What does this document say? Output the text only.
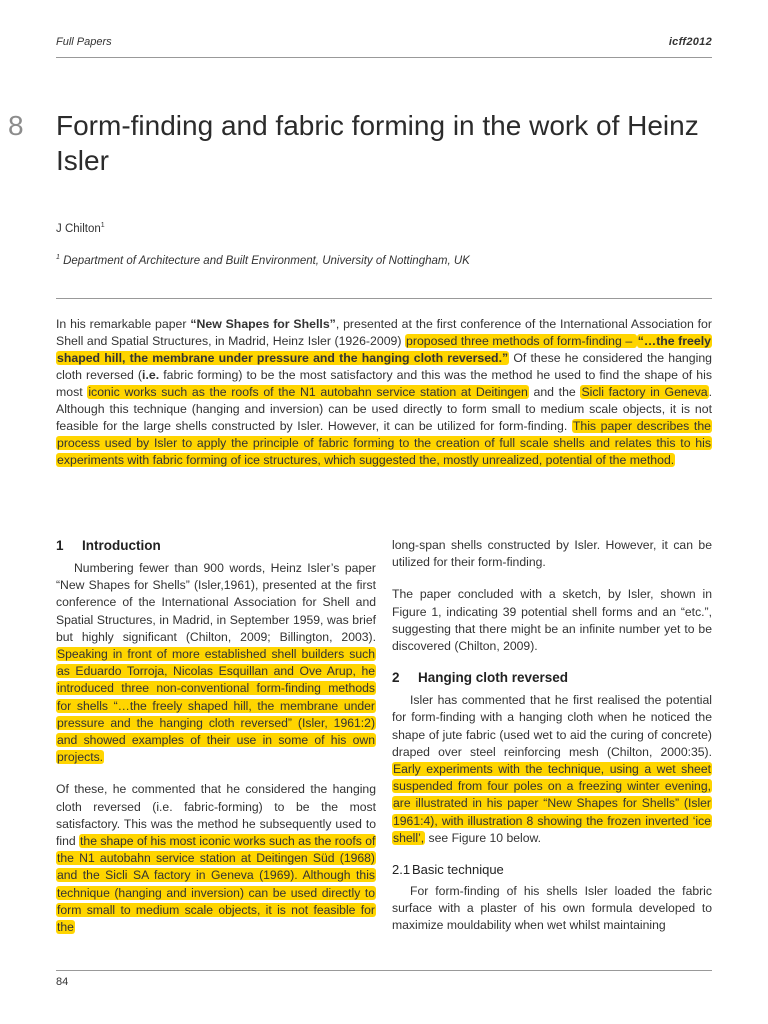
Full Papers	icff2012
8 Form-finding and fabric forming in the work of Heinz Isler
J Chilton$^1$
$^1$ Department of Architecture and Built Environment, University of Nottingham, UK

In his remarkable paper “New Shapes for Shells”, presented at the first conference of the International Association for Shell and Spatial Structures, in Madrid, Heinz Isler (1926-2009) proposed three methods of form-finding – “…the freely shaped hill, the membrane under pressure and the hanging cloth reversed.” Of these he considered the hanging cloth reversed (i.e. fabric forming) to be the most satisfactory and this was the method he used to find the shape of his most iconic works such as the roofs of the N1 autobahn service station at Deitingen and the Sicli factory in Geneva. Although this technique (hanging and inversion) can be used directly to form small to medium scale objects, it is not feasible for the large shells constructed by Isler. However, it can be utilized for form-finding. This paper describes the process used by Isler to apply the principle of fabric forming to the creation of full scale shells and relates this to his experiments with fabric forming of ice structures, which suggested the, mostly unrealized, potential of the method.

1 Introduction

Numbering fewer than 900 words, Heinz Isler’s paper “New Shapes for Shells” (Isler,1961), presented at the first conference of the International Association for Shell and Spatial Structures, in Madrid, in September 1959, was brief but highly significant (Chilton, 2009; Billington, 2003). Speaking in front of more established shell builders such as Eduardo Torroja, Nicolas Esquillan and Ove Arup, he introduced three non-conventional form-finding methods for shells “…the freely shaped hill, the membrane under pressure and the hanging cloth reversed” (Isler, 1961:2) and showed examples of their use in some of his own projects.

Of these, he commented that he considered the hanging cloth reversed (i.e. fabric-forming) to be the most satisfactory. This was the method he subsequently used to find the shape of his most iconic works such as the roofs of the N1 autobahn service station at Deitingen Süd (1968) and the Sicli SA factory in Geneva (1969). Although this technique (hanging and inversion) can be used directly to form small to medium scale objects, it is not feasible for the

long-span shells constructed by Isler. However, it can be utilized for their form-finding.

The paper concluded with a sketch, by Isler, shown in Figure 1, indicating 39 potential shell forms and an “etc.”, suggesting that there might be an infinite number yet to be discovered (Chilton, 2009).

2 Hanging cloth reversed

Isler has commented that he first realised the potential for form-finding with a hanging cloth when he noticed the shape of jute fabric (used wet to aid the curing of concrete) draped over steel reinforcing mesh (Chilton, 2000:35). Early experiments with the technique, using a wet sheet suspended from four poles on a freezing winter evening, are illustrated in his paper “New Shapes for Shells” (Isler 1961:4), with illustration 8 showing the frozen inverted ‘ice shell’, see Figure 10 below.

2.1 Basic technique

For form-finding of his shells Isler loaded the fabric surface with a plaster of his own formula developed to maximize mouldability when wet whilst maintaining

84
